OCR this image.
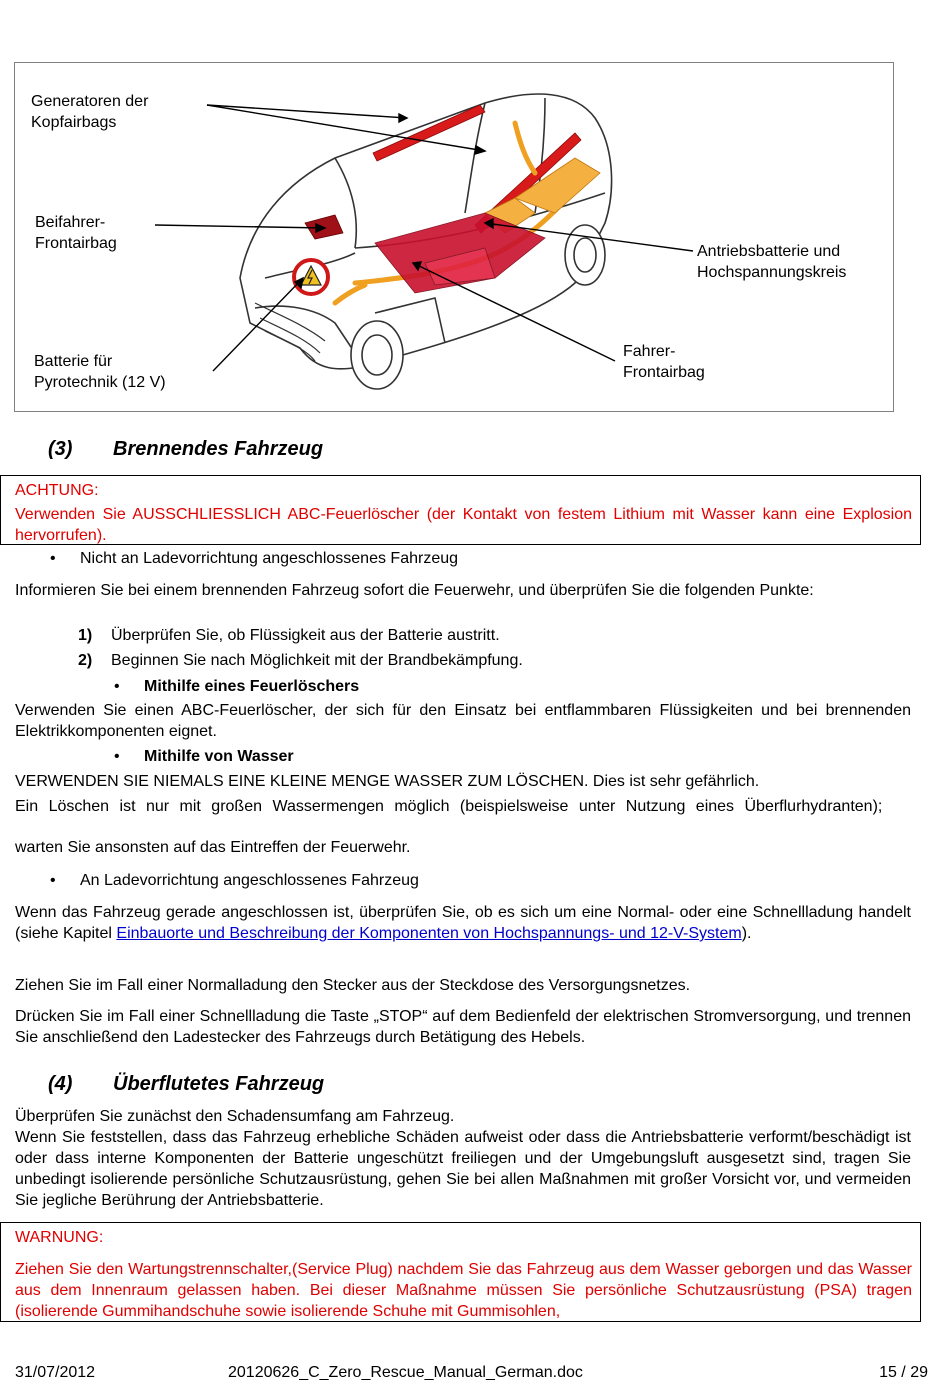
Generatoren der
Kopfairbags
Beifahrer-
Frontairbag	Antriebsbatterie und
Hochspannungskreis
Batterie für
Pyrotechnik (12 V)
Fahrer-
Frontairbag
(3) Brennendes Fahrzeug
ACHTUNG:
Verwenden Sie AUSSCHLIESSLICH ABC-Feuerlöscher (der Kontakt von festem Lithium mit Wasser kann eine Explosion hervorrufen).
• Nicht an Ladevorrichtung angeschlossenes Fahrzeug
Informieren Sie bei einem brennenden Fahrzeug sofort die Feuerwehr, und überprüfen Sie die folgenden Punkte:
1) Überprüfen Sie, ob Flüssigkeit aus der Batterie austritt.
2) Beginnen Sie nach Möglichkeit mit der Brandbekämpfung.
• Mithilfe eines Feuerlöschers
Verwenden Sie einen ABC-Feuerlöscher, der sich für den Einsatz bei entflammbaren Flüssigkeiten und bei brennenden Elektrikkomponenten eignet.
• Mithilfe von Wasser
VERWENDEN SIE NIEMALS EINE KLEINE MENGE WASSER ZUM LÖSCHEN. Dies ist sehr gefährlich.
Ein Löschen ist nur mit großen Wassermengen möglich (beispielsweise unter Nutzung eines Überflurhydranten);
warten Sie ansonsten auf das Eintreffen der Feuerwehr.
• An Ladevorrichtung angeschlossenes Fahrzeug
Wenn das Fahrzeug gerade angeschlossen ist, überprüfen Sie, ob es sich um eine Normal- oder eine Schnellladung handelt (siehe Kapitel Einbauorte und Beschreibung der Komponenten von Hochspannungs- und 12-V-System).
Ziehen Sie im Fall einer Normalladung den Stecker aus der Steckdose des Versorgungsnetzes.
Drücken Sie im Fall einer Schnellladung die Taste „STOP“ auf dem Bedienfeld der elektrischen Stromversorgung, und trennen Sie anschließend den Ladestecker des Fahrzeugs durch Betätigung des Hebels.
(4) Überflutetes Fahrzeug
Überprüfen Sie zunächst den Schadensumfang am Fahrzeug.
Wenn Sie feststellen, dass das Fahrzeug erhebliche Schäden aufweist oder dass die Antriebsbatterie verformt/beschädigt ist oder dass interne Komponenten der Batterie ungeschützt freiliegen und der Umgebungsluft ausgesetzt sind, tragen Sie unbedingt isolierende persönliche Schutzausrüstung, gehen Sie bei allen Maßnahmen mit großer Vorsicht vor, und vermeiden Sie jegliche Berührung der Antriebsbatterie.
WARNUNG:
Ziehen Sie den Wartungstrennschalter,(Service Plug) nachdem Sie das Fahrzeug aus dem Wasser geborgen und das Wasser aus dem Innenraum gelassen haben. Bei dieser Maßnahme müssen Sie persönliche Schutzausrüstung (PSA) tragen (isolierende Gummihandschuhe sowie isolierende Schuhe mit Gummisohlen,
31/07/2012	20120626_C_Zero_Rescue_Manual_German.doc	15 / 29
